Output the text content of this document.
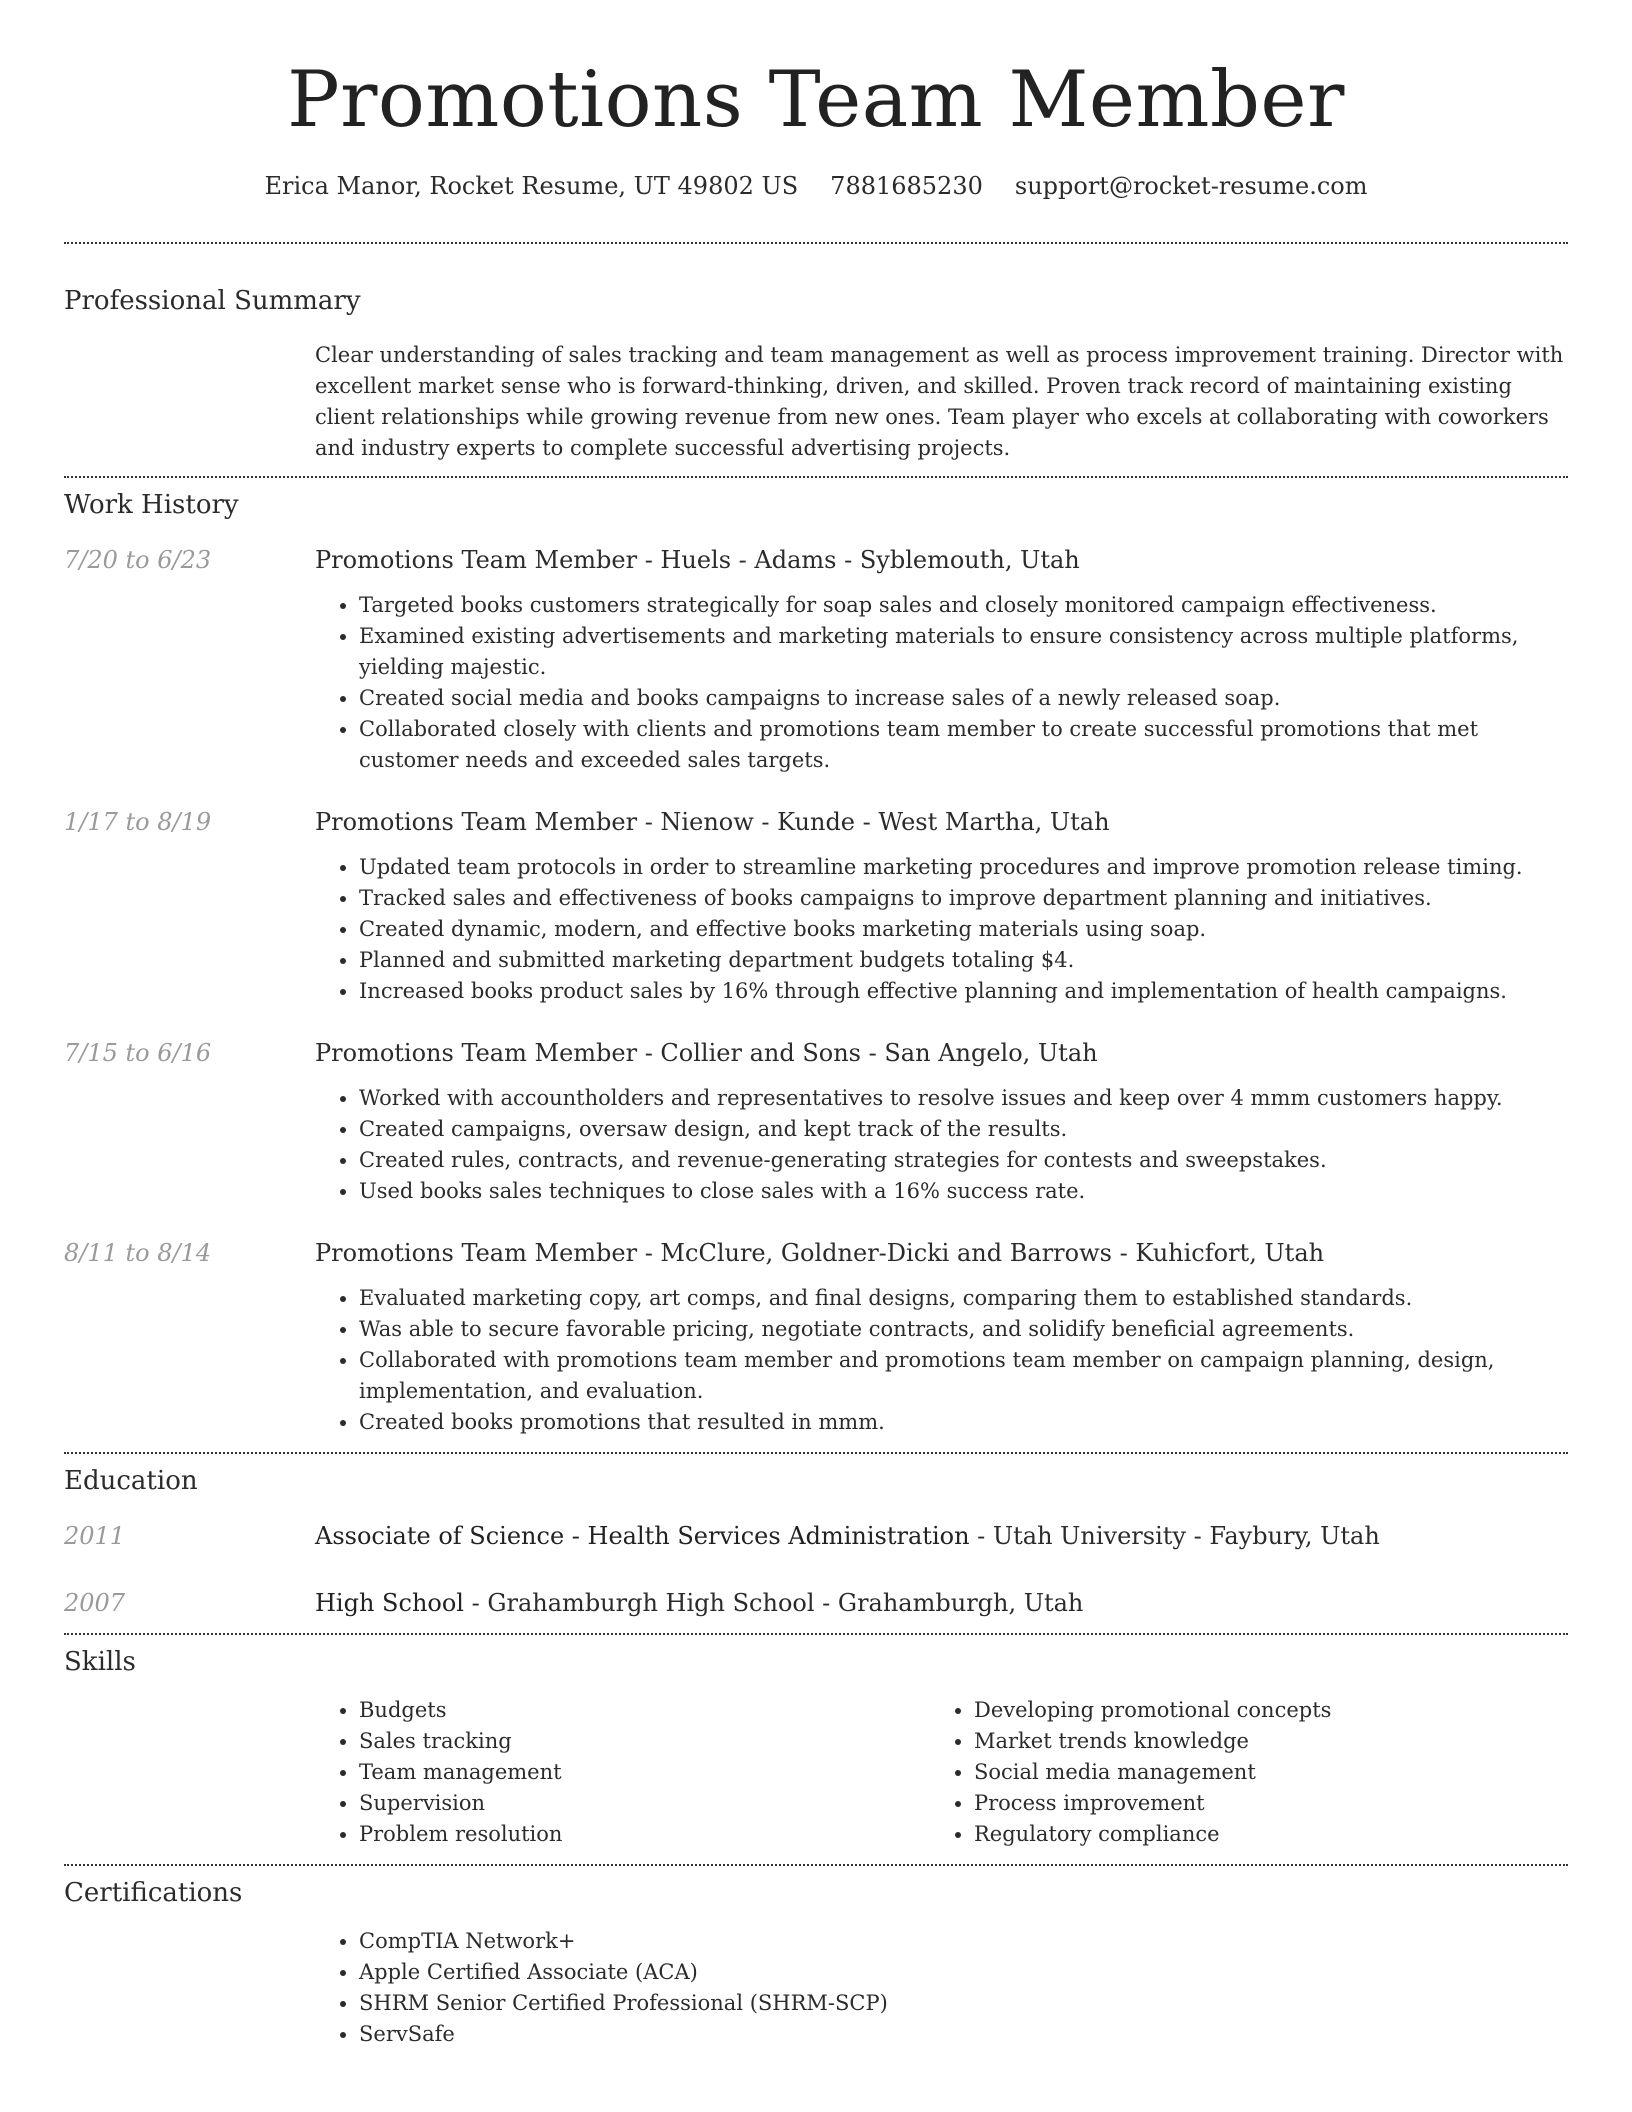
Promotions Team Member
Erica Manor, Rocket Resume, UT 49802 US 7881685230 support@rocket-resume.com
Professional Summary

Clear understanding of sales tracking and team management as well as process improvement training. Director with excellent market sense who is forward-thinking, driven, and skilled. Proven track record of maintaining existing client relationships while growing revenue from new ones. Team player who excels at collaborating with coworkers and industry experts to complete successful advertising projects.

Work History
7/20 to 6/23	Promotions Team Member - Huels - Adams - Syblemouth, Utah
• Targeted books customers strategically for soap sales and closely monitored campaign effectiveness.
• Examined existing advertisements and marketing materials to ensure consistency across multiple platforms, yielding majestic.
• Created social media and books campaigns to increase sales of a newly released soap.
• Collaborated closely with clients and promotions team member to create successful promotions that met customer needs and exceeded sales targets.
1/17 to 8/19	Promotions Team Member - Nienow - Kunde - West Martha, Utah
• Updated team protocols in order to streamline marketing procedures and improve promotion release timing.
• Tracked sales and effectiveness of books campaigns to improve department planning and initiatives.
• Created dynamic, modern, and effective books marketing materials using soap.
• Planned and submitted marketing department budgets totaling $4.
• Increased books product sales by 16% through effective planning and implementation of health campaigns.
7/15 to 6/16	Promotions Team Member - Collier and Sons - San Angelo, Utah
• Worked with accountholders and representatives to resolve issues and keep over 4 mmm customers happy.
• Created campaigns, oversaw design, and kept track of the results.
• Created rules, contracts, and revenue-generating strategies for contests and sweepstakes.
• Used books sales techniques to close sales with a 16% success rate.
8/11 to 8/14	Promotions Team Member - McClure, Goldner-Dicki and Barrows - Kuhicfort, Utah
• Evaluated marketing copy, art comps, and final designs, comparing them to established standards.
• Was able to secure favorable pricing, negotiate contracts, and solidify beneficial agreements.
• Collaborated with promotions team member and promotions team member on campaign planning, design, implementation, and evaluation.
• Created books promotions that resulted in mmm.
Education
2011	Associate of Science - Health Services Administration - Utah University - Faybury, Utah
2007	High School - Grahamburgh High School - Grahamburgh, Utah
Skills
• Budgets
• Sales tracking
• Team management
• Supervision
• Problem resolution
• Developing promotional concepts
• Market trends knowledge
• Social media management
• Process improvement
• Regulatory compliance
Certifications
• CompTIA Network+
• Apple Certified Associate (ACA)
• SHRM Senior Certified Professional (SHRM-SCP)
• ServSafe
